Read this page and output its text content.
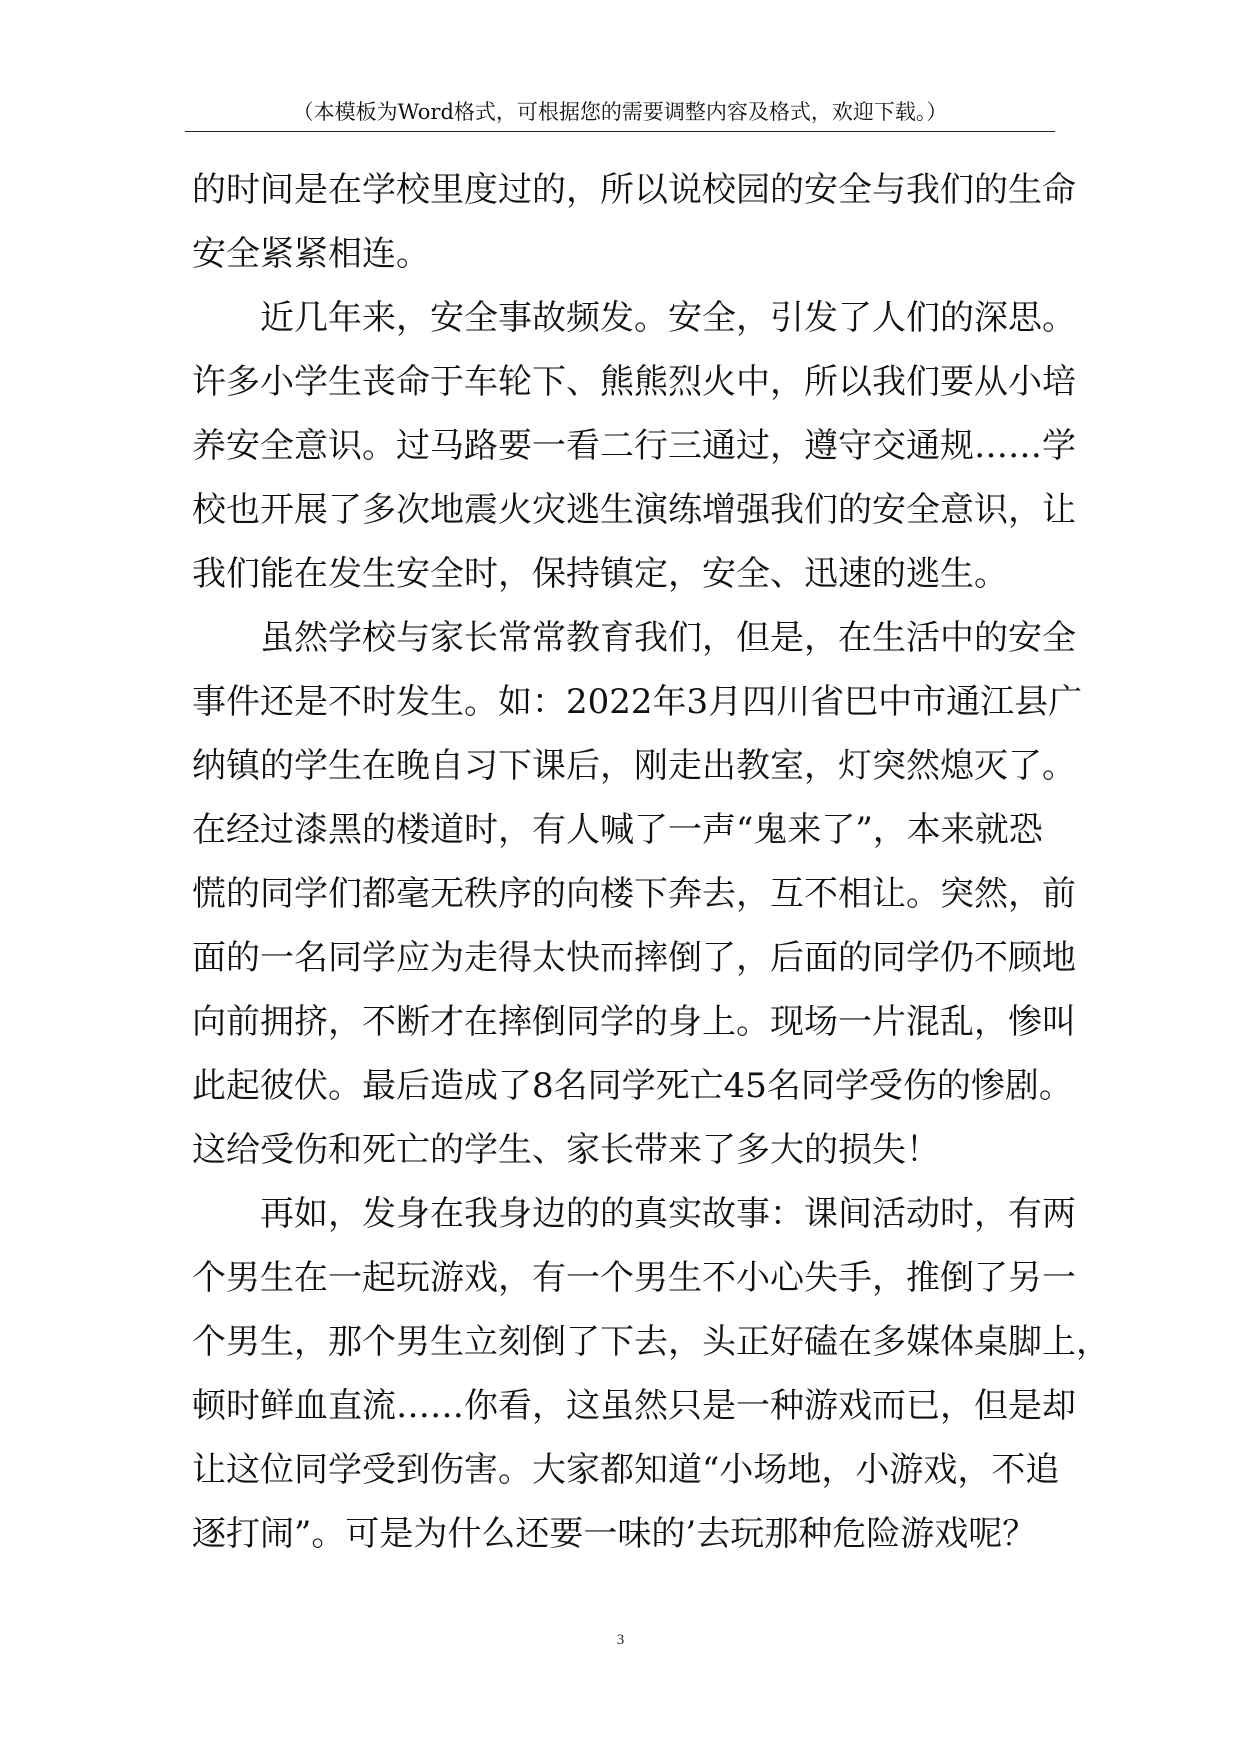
（本模板为Word格式，可根据您的需要调整内容及格式，欢迎下载。）
的时间是在学校里度过的，所以说校园的安全与我们的生命
安全紧紧相连。
　　近几年来，安全事故频发。安全，引发了人们的深思。
许多小学生丧命于车轮下、熊熊烈火中，所以我们要从小培
养安全意识。过马路要一看二行三通过，遵守交通规……学
校也开展了多次地震火灾逃生演练增强我们的安全意识，让
我们能在发生安全时，保持镇定，安全、迅速的逃生。
　　虽然学校与家长常常教育我们，但是，在生活中的安全
事件还是不时发生。如：2022年3月四川省巴中市通江县广
纳镇的学生在晚自习下课后，刚走出教室，灯突然熄灭了。
在经过漆黑的楼道时，有人喊了一声“鬼来了”，本来就恐
慌的同学们都毫无秩序的向楼下奔去，互不相让。突然，前
面的一名同学应为走得太快而摔倒了，后面的同学仍不顾地
向前拥挤，不断才在摔倒同学的身上。现场一片混乱，惨叫
此起彼伏。最后造成了8名同学死亡45名同学受伤的惨剧。
这给受伤和死亡的学生、家长带来了多大的损失！
　　再如，发身在我身边的的真实故事：课间活动时，有两
个男生在一起玩游戏，有一个男生不小心失手，推倒了另一
个男生，那个男生立刻倒了下去，头正好磕在多媒体桌脚上，
顿时鲜血直流……你看，这虽然只是一种游戏而已，但是却
让这位同学受到伤害。大家都知道“小场地，小游戏，不追
逐打闹”。可是为什么还要一味的’去玩那种危险游戏呢？
3
